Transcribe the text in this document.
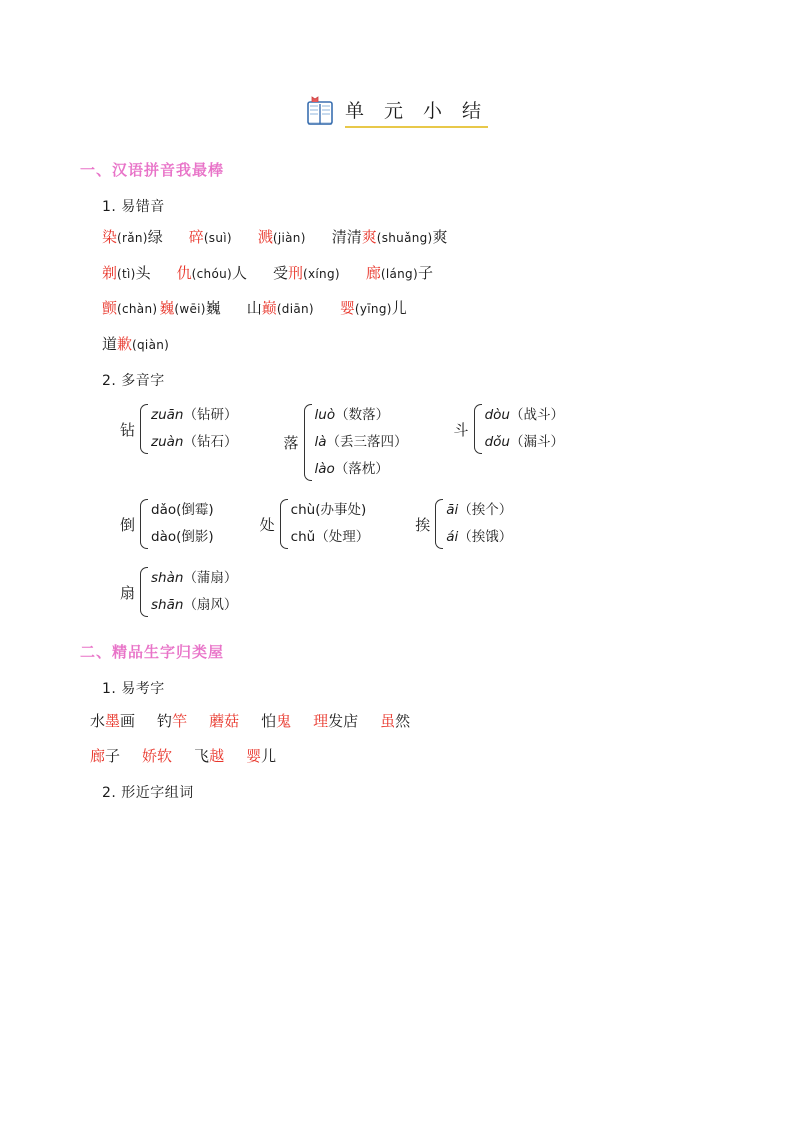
单 元 小 结
一、汉语拼音我最棒
1. 易错音
染(rǎn)绿 碎(suì) 溅(jiàn) 清清爽(shuǎng)爽
剃(tì)头 仇(chóu)人 受刑(xíng) 廊(láng)子
颤(chàn) 巍(wēi)巍 山巅(diān) 婴(yīng)儿
道歉(qiàn)
2. 多音字
钻
zuān（钻研）
zuàn（钻石）	落
luò（数落）
là（丢三落四）
lào（落枕）
斗
dòu（战斗）
dǒu（漏斗）
倒
dǎo(倒霉)
dào(倒影)
处
chù(办事处)
chǔ（处理）
挨
āi（挨个）
ái（挨饿）
扇
shàn（蒲扇）
shān（扇风）
二、精品生字归类屋
1. 易考字
水墨画 钓竿 蘑菇 怕鬼 理发店 虽然
廊子 娇软 飞越 婴儿
2. 形近字组词
